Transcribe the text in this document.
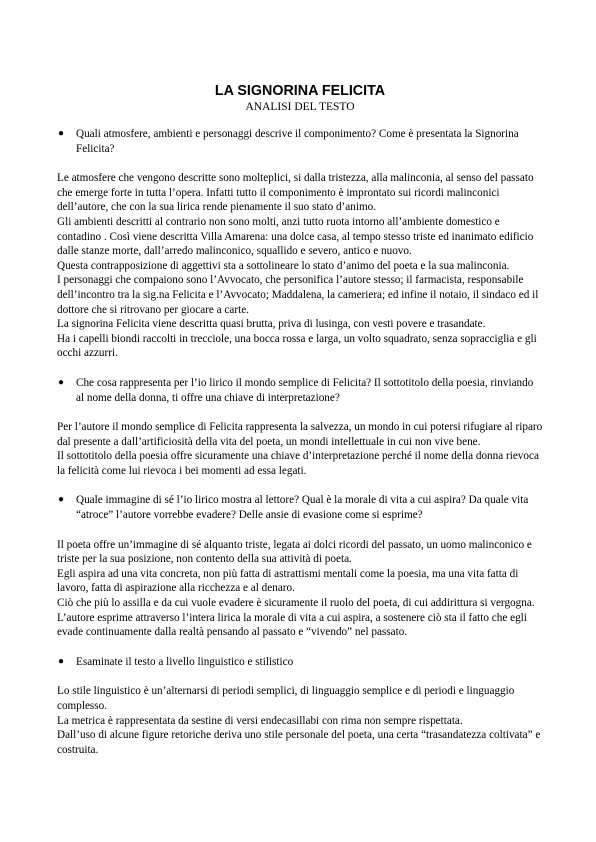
LA SIGNORINA FELICITA
ANALISI DEL TESTO
● Quali atmosfere, ambienti e personaggi descrive il componimento? Come è presentata la Signorina Felicita?

Le atmosfere che vengono descritte sono molteplici, si dalla tristezza, alla malinconia, al senso del passato che emerge forte in tutta l’opera. Infatti tutto il componimento è improntato sui ricordi malinconici dell’autore, che con la sua lirica rende pienamente il suo stato d’animo.

Gli ambienti descritti al contrario non sono molti, anzi tutto ruota intorno all’ambiente domestico e contadino . Così viene descritta Villa Amarena: una dolce casa, al tempo stesso triste ed inanimato edificio dalle stanze morte, dall’arredo malinconico, squallido e severo, antico e nuovo.

Questa contrapposizione di aggettivi sta a sottolineare lo stato d’animo del poeta e la sua malinconia.

I personaggi che compaiono sono l’Avvocato, che personifica l’autore stesso; il farmacista, responsabile dell’incontro tra la sig.na Felicita e l’Avvocato; Maddalena, la cameriera; ed infine il notaio, il sindaco ed il dottore che si ritrovano per giocare a carte.

La signorina Felicita viene descritta quasi brutta, priva di lusinga, con vesti povere e trasandate.

Ha i capelli biondi raccolti in trecciole, una bocca rossa e larga, un volto squadrato, senza sopracciglia e gli occhi azzurri.

● Che cosa rappresenta per l’io lirico il mondo semplice di Felicita? Il sottotitolo della poesia, rinviando al nome della donna, ti offre una chiave di interpretazione?

Per l’autore il mondo semplice di Felicita rappresenta la salvezza, un mondo in cui potersi rifugiare al riparo dal presente a dall’artificiosità della vita del poeta, un mondi intellettuale in cui non vive bene.

Il sottotitolo della poesia offre sicuramente una chiave d’interpretazione perché il nome della donna rievoca la felicità come lui rievoca i bei momenti ad essa legati.

● Quale immagine di sé l’io lirico mostra al lettore? Qual è la morale di vita a cui aspira? Da quale vita “atroce” l’autore vorrebbe evadere? Delle ansie di evasione come si esprime?

Il poeta offre un’immagine di sé alquanto triste, legata ai dolci ricordi del passato, un uomo malinconico e triste per la sua posizione, non contento della sua attività di poeta.

Egli aspira ad una vita concreta, non più fatta di astrattismi mentali come la poesia, ma una vita fatta di lavoro, fatta di aspirazione alla ricchezza e al denaro.

Ciò che più lo assilla e da cui vuole evadere è sicuramente il ruolo del poeta, di cui addirittura si vergogna.

L’autore esprime attraverso l’intera lirica la morale di vita a cui aspira, a sostenere ciò sta il fatto che egli evade continuamente dalla realtà pensando al passato e “vivendo” nel passato.

● Esaminate il testo a livello linguistico e stilistico

Lo stile linguistico è un’alternarsi di periodi semplici, di linguaggio semplice e di periodi e linguaggio complesso.

La metrica è rappresentata da sestine di versi endecasillabi con rima non sempre rispettata.

Dall’uso di alcune figure retoriche deriva uno stile personale del poeta, una certa “trasandatezza coltivata” e costruita.
